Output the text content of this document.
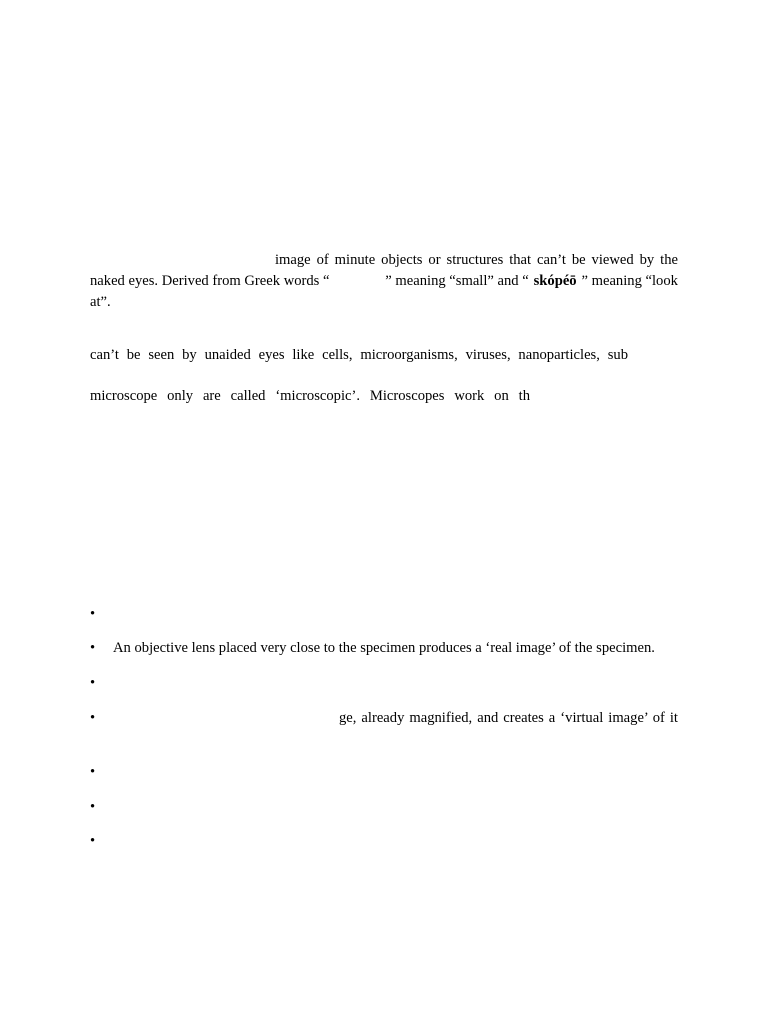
image of minute objects or structures that can’t be viewed by the
naked eyes. Derived from Greek words “	” meaning “small” and “ skópéō ” meaning “look
at”.
can’t be seen by unaided eyes like cells, microorganisms, viruses, nanoparticles, sub
microscope only are called ‘microscopic’. Microscopes work on th
•
•	An objective lens placed very close to the specimen produces a ‘real image’ of the specimen.
•
•	ge, already magnified, and creates a ‘virtual image’ of it
•
•
•
